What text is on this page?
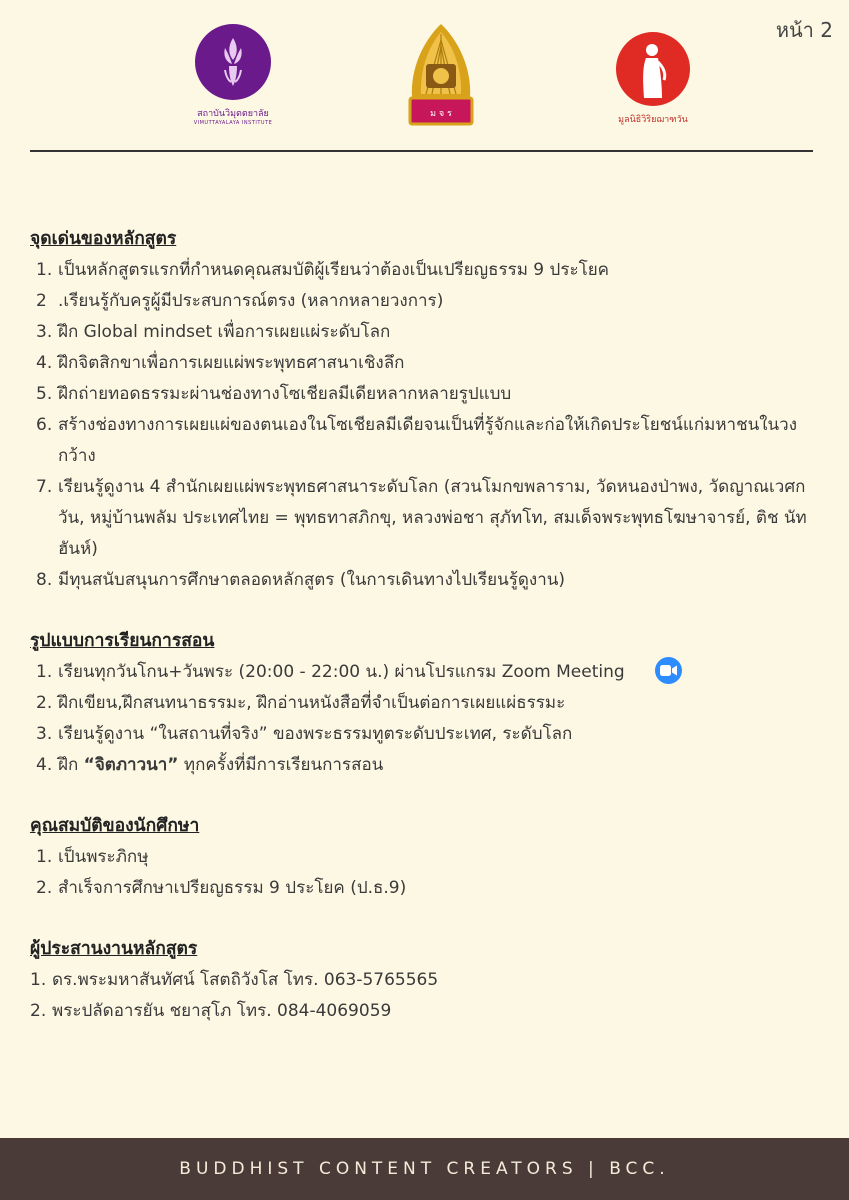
หน้า 2
สถาบันวิมุตตยาลัย
VIMUTTAYALAYA INSTITUTE
ม จ ร
มูลนิธิวิริยฌาฑวัน
จุดเด่นของหลักสูตร
1. เป็นหลักสูตรแรกที่กำหนดคุณสมบัติผู้เรียนว่าต้องเป็นเปรียญธรรม 9 ประโยค
2 .เรียนรู้กับครูผู้มีประสบการณ์ตรง (หลากหลายวงการ)
3. ฝึก Global mindset เพื่อการเผยแผ่ระดับโลก
4. ฝึกจิตสิกขาเพื่อการเผยแผ่พระพุทธศาสนาเชิงลึก
5. ฝึกถ่ายทอดธรรมะผ่านช่องทางโซเชียลมีเดียหลากหลายรูปแบบ
6. สร้างช่องทางการเผยแผ่ของตนเองในโซเชียลมีเดียจนเป็นที่รู้จักและก่อให้เกิดประโยชน์แก่มหาชนในวงกว้าง
7. เรียนรู้ดูงาน 4 สำนักเผยแผ่พระพุทธศาสนาระดับโลก (สวนโมกขพลาราม, วัดหนองป่าพง, วัดญาณเวศกวัน, หมู่บ้านพลัม ประเทศไทย = พุทธทาสภิกขุ, หลวงพ่อชา สุภัทโท, สมเด็จพระพุทธโฆษาจารย์, ติช นัท ฮันห์)
8. มีทุนสนับสนุนการศึกษาตลอดหลักสูตร (ในการเดินทางไปเรียนรู้ดูงาน)
รูปแบบการเรียนการสอน
1. เรียนทุกวันโกน+วันพระ (20:00 - 22:00 น.) ผ่านโปรแกรม Zoom Meeting
2. ฝึกเขียน,ฝึกสนทนาธรรมะ, ฝึกอ่านหนังสือที่จำเป็นต่อการเผยแผ่ธรรมะ
3. เรียนรู้ดูงาน “ในสถานที่จริง” ของพระธรรมทูตระดับประเทศ, ระดับโลก
4. ฝึก “จิตภาวนา” ทุกครั้งที่มีการเรียนการสอน
คุณสมบัติของนักศึกษา
1. เป็นพระภิกษุ
2. สำเร็จการศึกษาเปรียญธรรม 9 ประโยค (ป.ธ.9)
ผู้ประสานงานหลักสูตร
1. ดร.พระมหาสันทัศน์ โสตถิวังโส โทร. 063-5765565
2. พระปลัดอารยัน ชยาสุโภ โทร. 084-4069059
BUDDHIST CONTENT CREATORS | BCC.
